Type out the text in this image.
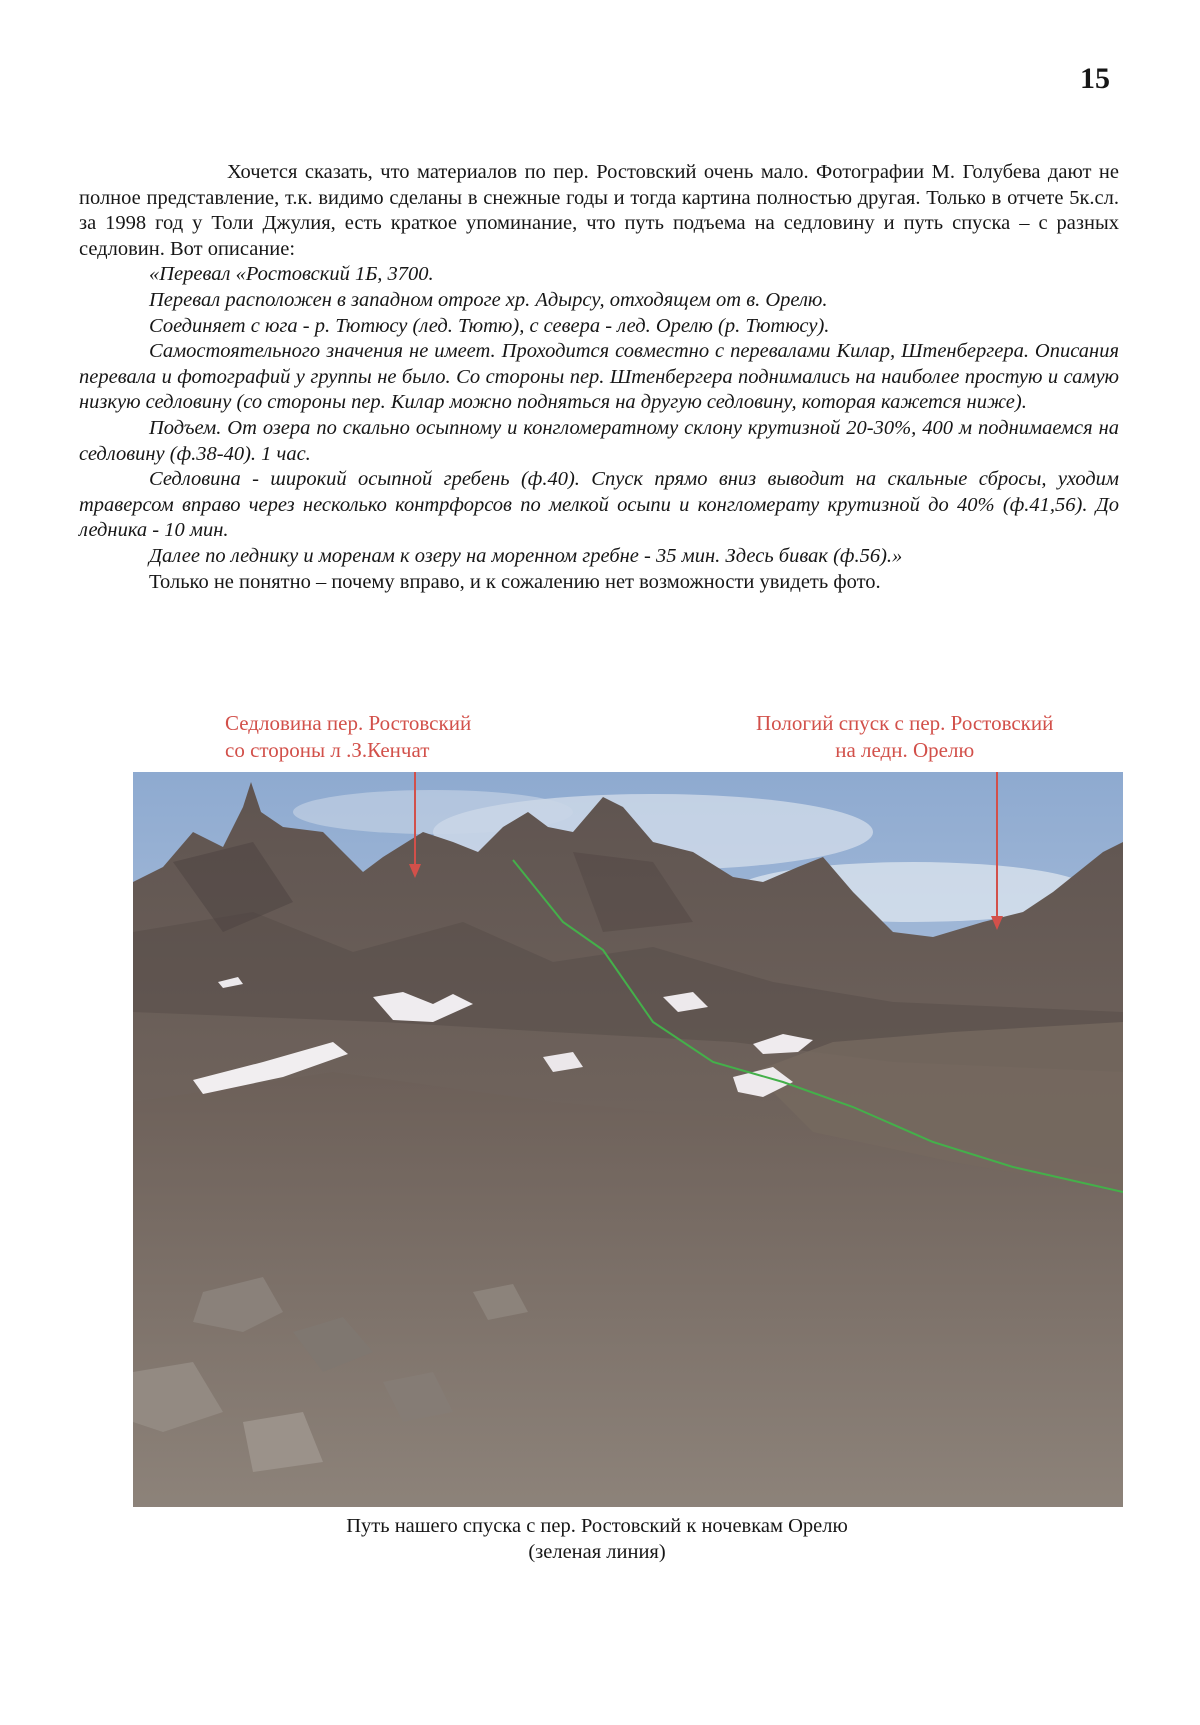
15

Хочется сказать, что материалов по пер. Ростовский очень мало. Фотографии М. Голубева дают не полное представление, т.к. видимо сделаны в снежные годы и тогда картина полностью другая. Только в отчете 5к.сл. за 1998 год у Толи Джулия, есть краткое упоминание, что путь подъема на седловину и путь спуска – с разных седловин. Вот описание:

«Перевал «Ростовский 1Б, 3700.

Перевал расположен в западном отроге хр. Адырсу, отходящем от в. Орелю.

Соединяет с юга - р. Тютюсу (лед. Тютю), с севера - лед. Орелю (р. Тютюсу).

Самостоятельного значения не имеет. Проходится совместно с перевалами Килар, Штенбергера. Описания перевала и фотографий у группы не было. Со стороны пер. Штенбергера поднимались на наиболее простую и самую низкую седловину (со стороны пер. Килар можно подняться на другую седловину, которая кажется ниже).

Подъем. От озера по скально осыпному и конгломератному склону крутизной 20-30%, 400 м поднимаемся на седловину (ф.38-40). 1 час.

Седловина - широкий осыпной гребень (ф.40). Спуск прямо вниз выводит на скальные сбросы, уходим траверсом вправо через несколько контрфорсов по мелкой осыпи и конгломерату крутизной до 40% (ф.41,56). До ледника - 10 мин.

Далее по леднику и моренам к озеру на моренном гребне - 35 мин. Здесь бивак (ф.56).»

Только не понятно – почему вправо, и к сожалению нет возможности увидеть фото.

Седловина пер. Ростовский
со стороны л .З.Кенчат
Пологий спуск с пер. Ростовский
на ледн. Орелю
Путь нашего спуска с пер. Ростовский к ночевкам Орелю
(зеленая линия)
